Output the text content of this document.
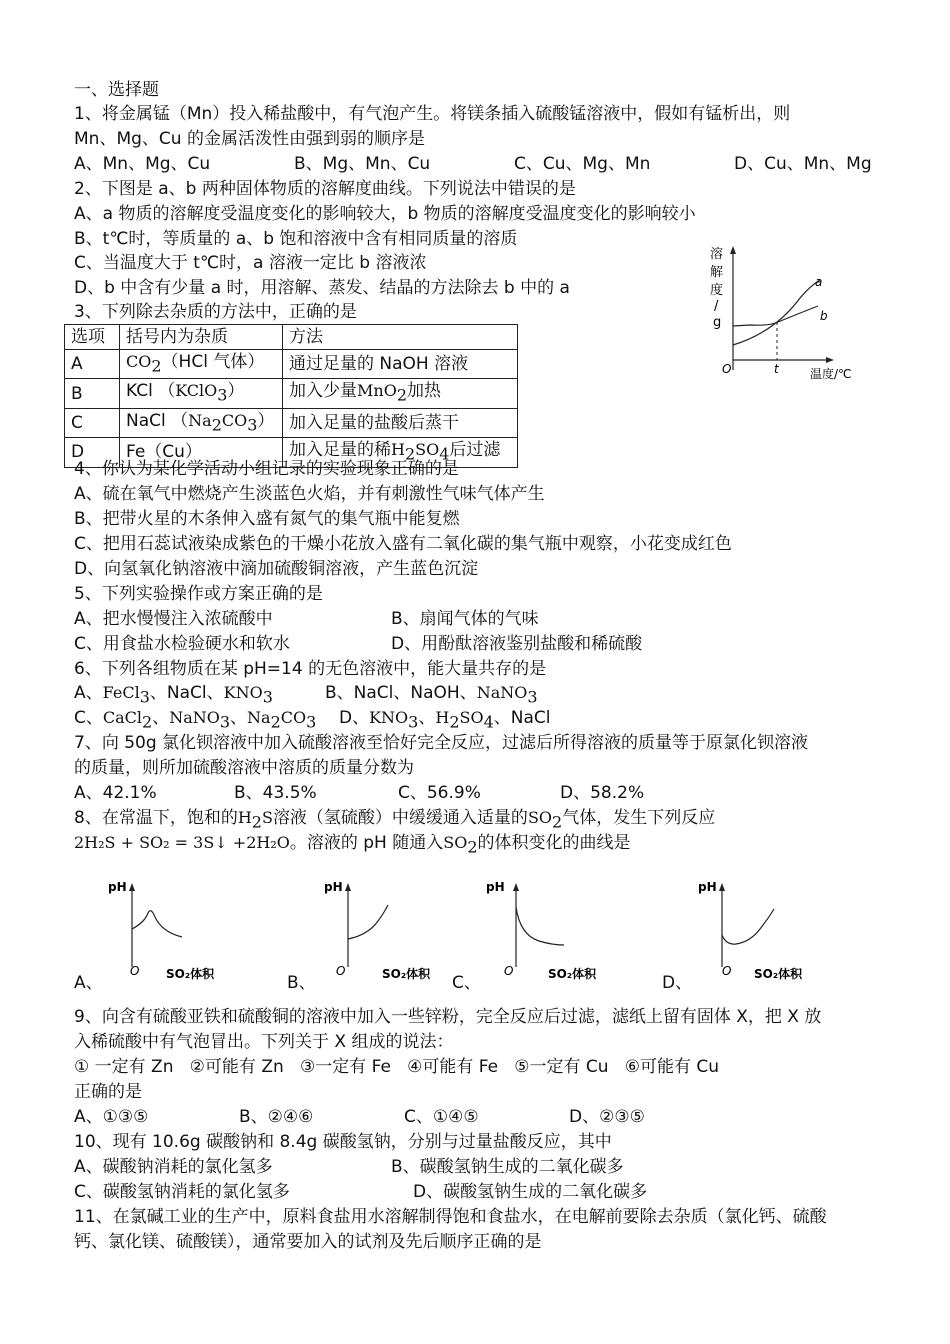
一、选择题
1、将金属锰（Mn）投入稀盐酸中，有气泡产生。将镁条插入硫酸锰溶液中，假如有锰析出，则
Mn、Mg、Cu 的金属活泼性由强到弱的顺序是
A、Mn、Mg、Cu	B、Mg、Mn、Cu	C、Cu、Mg、Mn	D、Cu、Mn、Mg
2、下图是 a、b 两种固体物质的溶解度曲线。下列说法中错误的是
A、a 物质的溶解度受温度变化的影响较大，b 物质的溶解度受温度变化的影响较小
B、t℃时，等质量的 a、b 饱和溶液中含有相同质量的溶质
C、当温度大于 t℃时，a 溶液一定比 b 溶液浓
D、b 中含有少量 a 时，用溶解、蒸发、结晶的方法除去 b 中的 a
溶
解
度
/
g
a
b
O	t	温度/℃
3、下列除去杂质的方法中，正确的是
选项	括号内为杂质	方法
A	$CO_2(HCl$ 气体）	通过足量的 NaOH 溶液
B	KCl （KClO$_3$）	加入少量MnO$_2$加热
C	NaCl $(Na_2CO_3)$	加入足量的盐酸后蒸干
D	Fe（Cu）	加入足量的稀$H_2SO_4$后过滤
4、你认为某化学活动小组记录的实验现象正确的是
A、硫在氧气中燃烧产生淡蓝色火焰，并有刺激性气味气体产生
B、把带火星的木条伸入盛有氮气的集气瓶中能复燃
C、把用石蕊试液染成紫色的干燥小花放入盛有二氧化碳的集气瓶中观察，小花变成红色
D、向氢氧化钠溶液中滴加硫酸铜溶液，产生蓝色沉淀
5、下列实验操作或方案正确的是
A、把水慢慢注入浓硫酸中	B、扇闻气体的气味
C、用食盐水检验硬水和软水	D、用酚酞溶液鉴别盐酸和稀硫酸
6、下列各组物质在某 pH=14 的无色溶液中，能大量共存的是
A、FeCl$_3$、NaCl、$KNO_3$	B、NaCl、NaOH、NaNO$_3$
C、CaCl$_2$、NaNO$_3$、$Na_2CO_3$ D、$KNO_3$、$H_2SO_4$、NaCl
7、向 50g 氯化钡溶液中加入硫酸溶液至恰好完全反应，过滤后所得溶液的质量等于原氯化钡溶液
的质量，则所加硫酸溶液中溶质的质量分数为
A、42.1%	B、43.5%	C、56.9%	D、58.2%
8、在常温下，饱和的$H_2S$溶液（氢硫酸）中缓缓通入适量的$SO_2$气体，发生下列反应
2H₂S + SO₂ = 3S↓ +2H₂O。溶液的 pH 随通入$SO_2$的体积变化的曲线是
A、
pH
O SO₂体积	B、
pH
O	SO₂体积 C、
pH
O	SO₂体积	D、
pH
O SO₂体积
9、向含有硫酸亚铁和硫酸铜的溶液中加入一些锌粉，完全反应后过滤，滤纸上留有固体 X，把 X 放
入稀硫酸中有气泡冒出。下列关于 X 组成的说法：
① 一定有 Zn   ②可能有 Zn   ③一定有 Fe   ④可能有 Fe   ⑤一定有 Cu   ⑥可能有 Cu
正确的是
A、①③⑤	B、②④⑥	C、①④⑤	D、②③⑤
10、现有 10.6g 碳酸钠和 8.4g 碳酸氢钠，分别与过量盐酸反应，其中
A、碳酸钠消耗的氯化氢多	B、碳酸氢钠生成的二氧化碳多
C、碳酸氢钠消耗的氯化氢多	D、碳酸氢钠生成的二氧化碳多
11、在氯碱工业的生产中，原料食盐用水溶解制得饱和食盐水，在电解前要除去杂质（氯化钙、硫酸
钙、氯化镁、硫酸镁），通常要加入的试剂及先后顺序正确的是
